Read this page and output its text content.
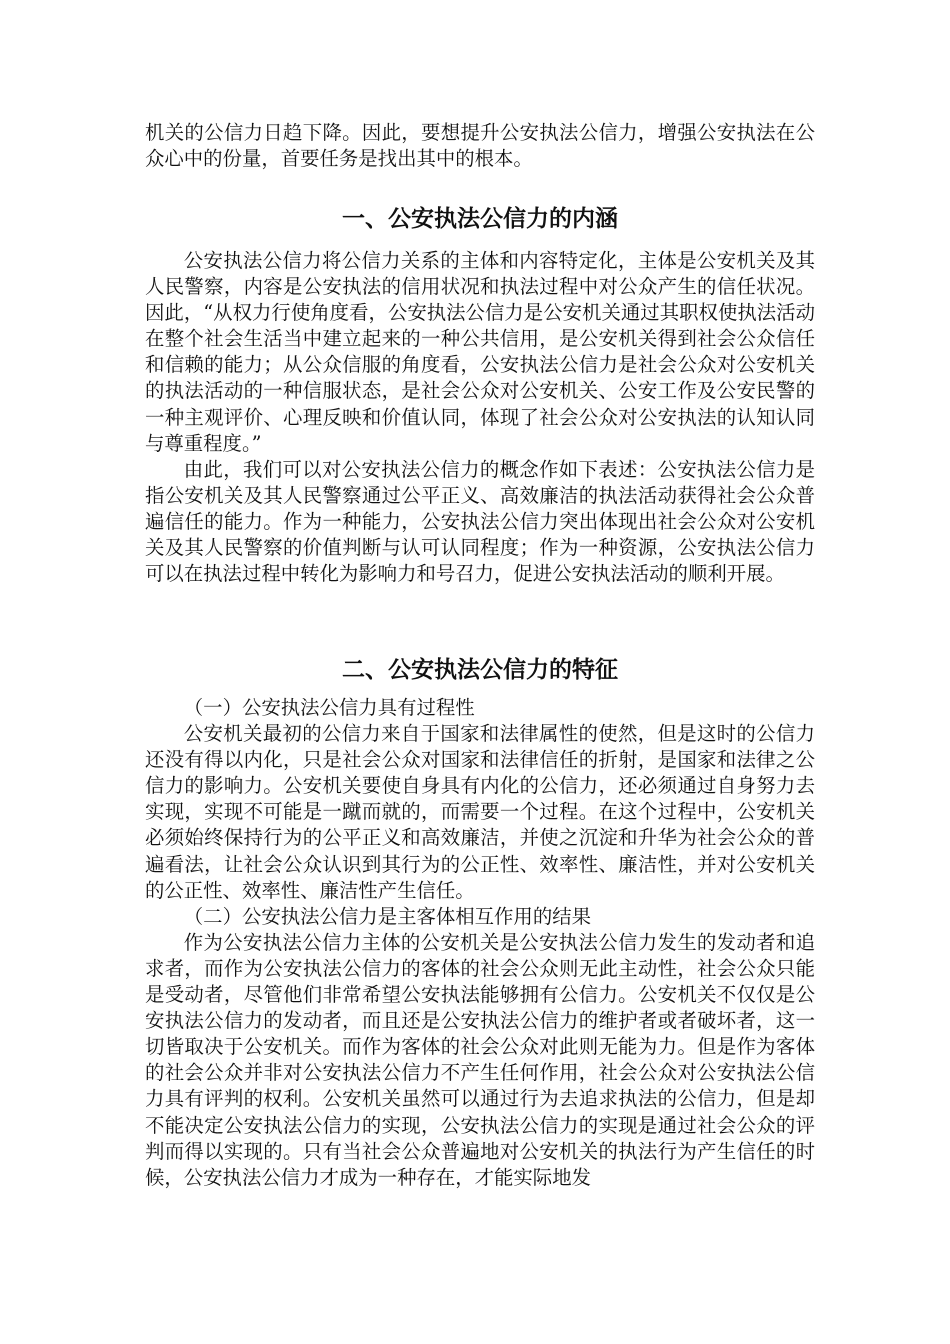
机关的公信力日趋下降。因此，要想提升公安执法公信力，增强公安执法在公众心中的份量，首要任务是找出其中的根本。

一、公安执法公信力的内涵

公安执法公信力将公信力关系的主体和内容特定化，主体是公安机关及其人民警察，内容是公安执法的信用状况和执法过程中对公众产生的信任状况。因此，“从权力行使角度看，公安执法公信力是公安机关通过其职权使执法活动在整个社会生活当中建立起来的一种公共信用，是公安机关得到社会公众信任和信赖的能力；从公众信服的角度看，公安执法公信力是社会公众对公安机关的执法活动的一种信服状态，是社会公众对公安机关、公安工作及公安民警的一种主观评价、心理反映和价值认同，体现了社会公众对公安执法的认知认同与尊重程度。”

由此，我们可以对公安执法公信力的概念作如下表述：公安执法公信力是指公安机关及其人民警察通过公平正义、高效廉洁的执法活动获得社会公众普遍信任的能力。作为一种能力，公安执法公信力突出体现出社会公众对公安机关及其人民警察的价值判断与认可认同程度；作为一种资源，公安执法公信力可以在执法过程中转化为影响力和号召力，促进公安执法活动的顺利开展。

二、公安执法公信力的特征

（一）公安执法公信力具有过程性

公安机关最初的公信力来自于国家和法律属性的使然，但是这时的公信力还没有得以内化，只是社会公众对国家和法律信任的折射，是国家和法律之公信力的影响力。公安机关要使自身具有内化的公信力，还必须通过自身努力去实现，实现不可能是一蹴而就的，而需要一个过程。在这个过程中，公安机关必须始终保持行为的公平正义和高效廉洁，并使之沉淀和升华为社会公众的普遍看法，让社会公众认识到其行为的公正性、效率性、廉洁性，并对公安机关的公正性、效率性、廉洁性产生信任。

（二）公安执法公信力是主客体相互作用的结果

作为公安执法公信力主体的公安机关是公安执法公信力发生的发动者和追求者，而作为公安执法公信力的客体的社会公众则无此主动性，社会公众只能是受动者，尽管他们非常希望公安执法能够拥有公信力。公安机关不仅仅是公安执法公信力的发动者，而且还是公安执法公信力的维护者或者破坏者，这一切皆取决于公安机关。而作为客体的社会公众对此则无能为力。但是作为客体的社会公众并非对公安执法公信力不产生任何作用，社会公众对公安执法公信力具有评判的权利。公安机关虽然可以通过行为去追求执法的公信力，但是却不能决定公安执法公信力的实现，公安执法公信力的实现是通过社会公众的评判而得以实现的。只有当社会公众普遍地对公安机关的执法行为产生信任的时候，公安执法公信力才成为一种存在，才能实际地发
